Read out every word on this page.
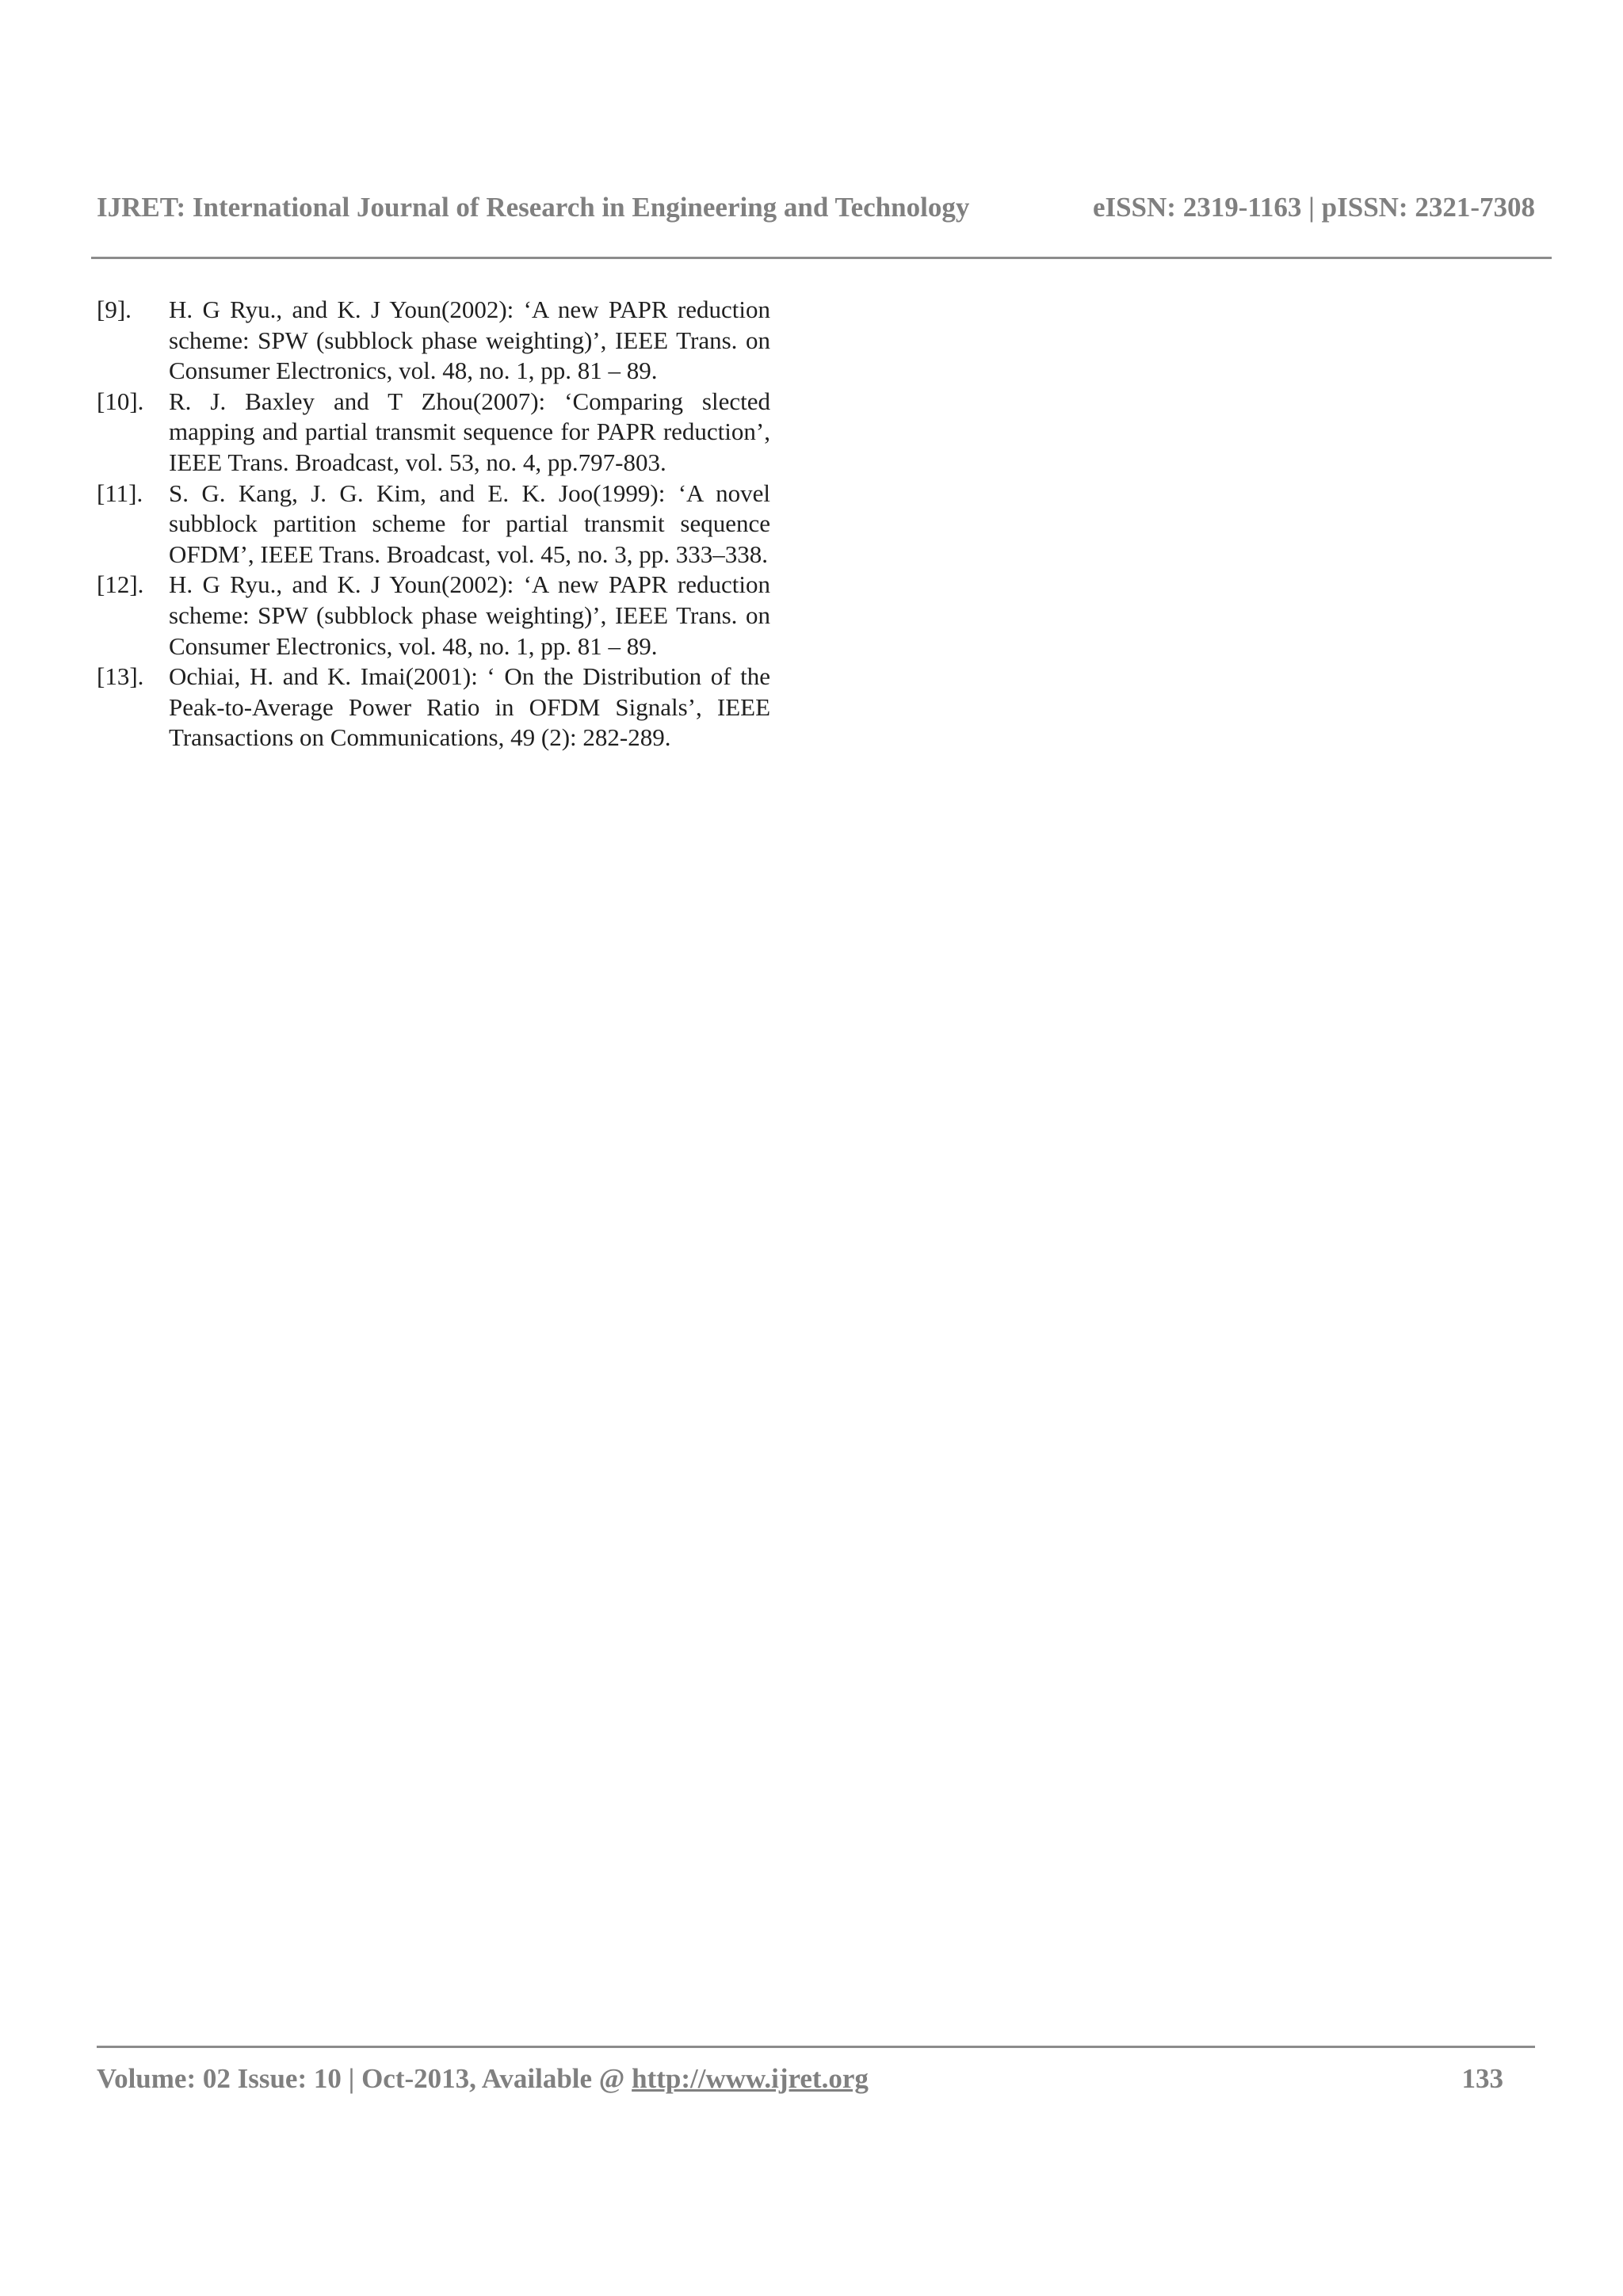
IJRET: International Journal of Research in Engineering and Technology	eISSN: 2319-1163 | pISSN: 2321-7308
[9]. H. G Ryu., and K. J Youn(2002): ‘A new PAPR reduction scheme: SPW (subblock phase weighting)’, IEEE Trans. on Consumer Electronics, vol. 48, no. 1, pp. 81 – 89.
[10]. R. J. Baxley and T Zhou(2007): ‘Comparing slected mapping and partial transmit sequence for PAPR reduction’, IEEE Trans. Broadcast, vol. 53, no. 4, pp.797-803.
[11]. S. G. Kang, J. G. Kim, and E. K. Joo(1999): ‘A novel subblock partition scheme for partial transmit sequence OFDM’, IEEE Trans. Broadcast, vol. 45, no. 3, pp. 333–338.
[12]. H. G Ryu., and K. J Youn(2002): ‘A new PAPR reduction scheme: SPW (subblock phase weighting)’, IEEE Trans. on Consumer Electronics, vol. 48, no. 1, pp. 81 – 89.
[13]. Ochiai, H. and K. Imai(2001): ‘ On the Distribution of the Peak-to-Average Power Ratio in OFDM Signals’, IEEE Transactions on Communications, 49 (2): 282-289.
Volume: 02 Issue: 10 | Oct-2013, Available @ http://www.ijret.org	133
